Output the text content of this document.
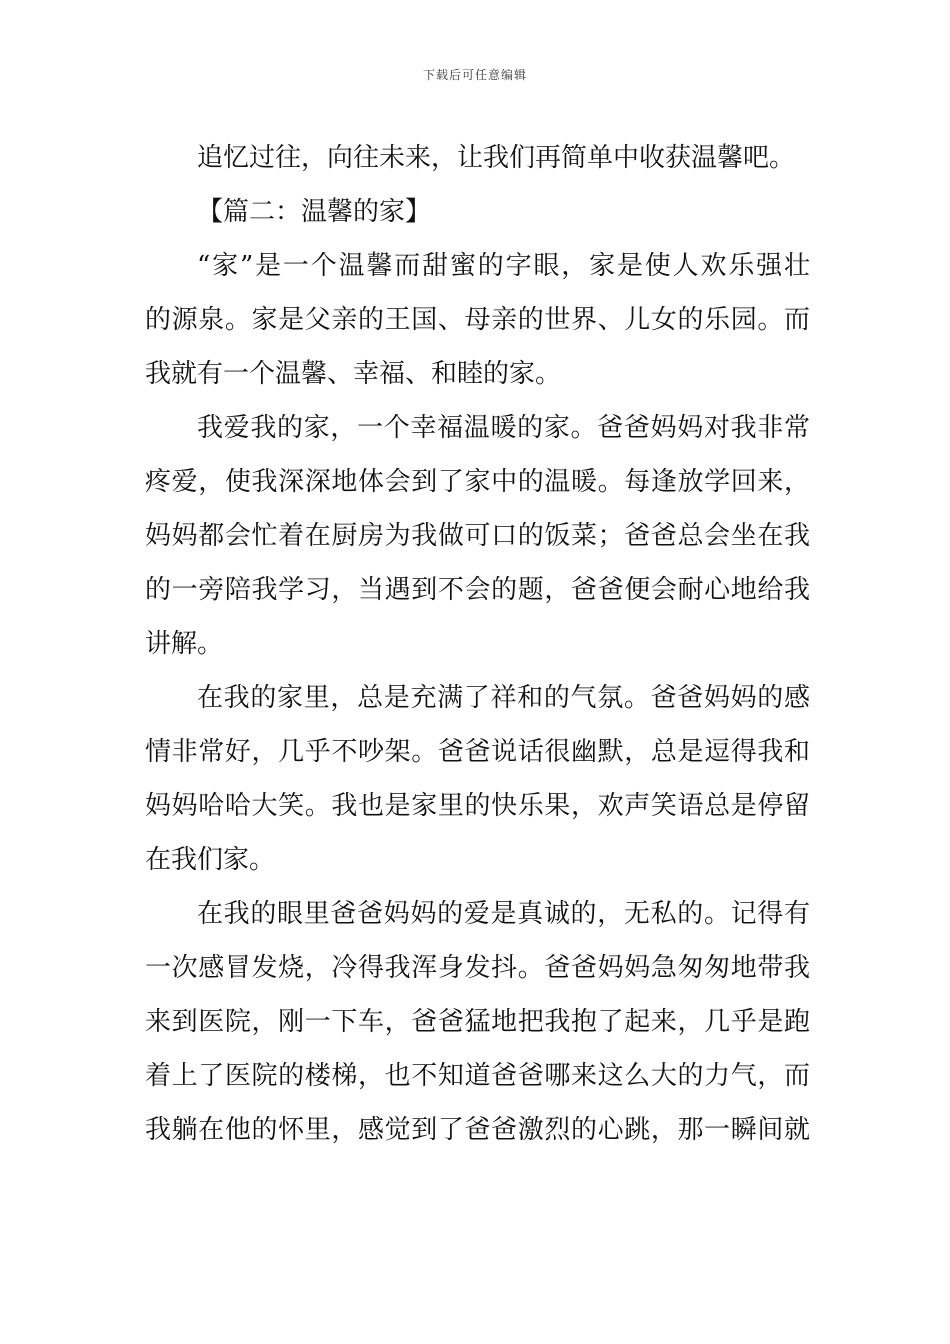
下载后可任意编辑

追忆过往，向往未来，让我们再简单中收获温馨吧。

【篇二：温馨的家】

“家”是一个温馨而甜蜜的字眼，家是使人欢乐强壮
的源泉。家是父亲的王国、母亲的世界、儿女的乐园。而
我就有一个温馨、幸福、和睦的家。

我爱我的家，一个幸福温暖的家。爸爸妈妈对我非常
疼爱，使我深深地体会到了家中的温暖。每逢放学回来，
妈妈都会忙着在厨房为我做可口的饭菜；爸爸总会坐在我
的一旁陪我学习，当遇到不会的题，爸爸便会耐心地给我
讲解。

在我的家里，总是充满了祥和的气氛。爸爸妈妈的感
情非常好，几乎不吵架。爸爸说话很幽默，总是逗得我和
妈妈哈哈大笑。我也是家里的快乐果，欢声笑语总是停留
在我们家。

在我的眼里爸爸妈妈的爱是真诚的，无私的。记得有
一次感冒发烧，冷得我浑身发抖。爸爸妈妈急匆匆地带我
来到医院，刚一下车，爸爸猛地把我抱了起来，几乎是跑
着上了医院的楼梯，也不知道爸爸哪来这么大的力气，而
我躺在他的怀里，感觉到了爸爸激烈的心跳，那一瞬间就
